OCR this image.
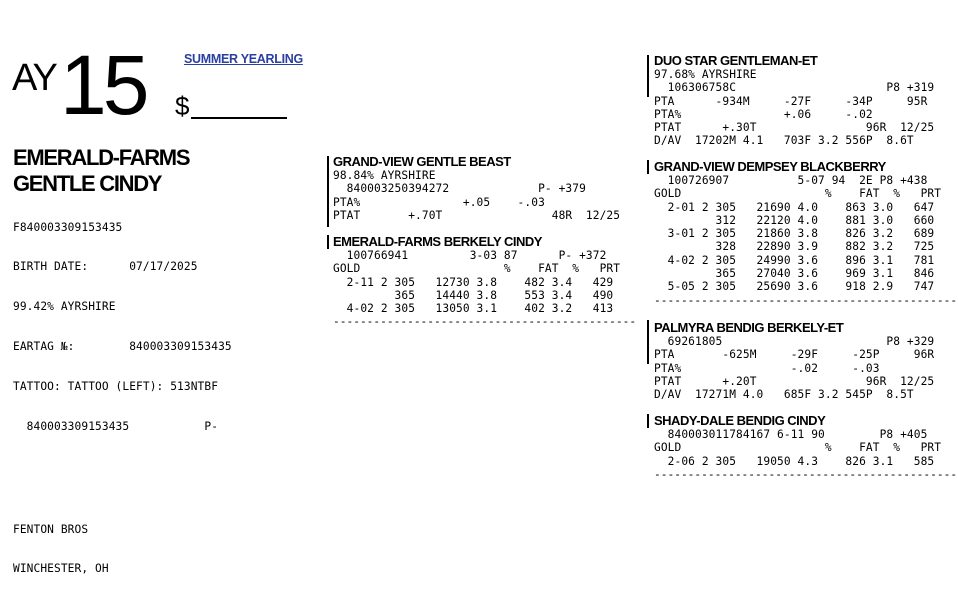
AY 15 $
SUMMER YEARLING
EMERALD-FARMS
GENTLE CINDY

F840003309153435

BIRTH DATE:      07/17/2025

99.42% AYRSHIRE

EARTAG №:        840003309153435

TATTOO: TATTOO (LEFT): 513NTBF

840003309153435           P-

FENTON BROS

WINCHESTER, OH

GRAND-VIEW GENTLE BEAST
98.84% AYRSHIRE
840003250394272             P- +379
PTA%               +.05    -.03
PTAT       +.70T                48R  12/25
EMERALD-FARMS BERKELY CINDY
100766941         3-03 87      P- +372
GOLD                     %    FAT  %   PRT
2-11 2 305   12730 3.8    482 3.4   429
365   14440 3.8    553 3.4   490
4-02 2 305   13050 3.1    402 3.2   413
---------------------------------------------
DUO STAR GENTLEMAN-ET
97.68% AYRSHIRE
106306758C                      P8 +319
PTA      -934M     -27F     -34P     95R
PTA%               +.06     -.02
PTAT      +.30T                96R  12/25
D/AV  17202M 4.1   703F 3.2 556P  8.6T
GRAND-VIEW DEMPSEY BLACKBERRY
100726907          5-07 94  2E P8 +438
GOLD                     %    FAT  %   PRT
2-01 2 305   21690 4.0    863 3.0   647
312   22120 4.0    881 3.0   660
3-01 2 305   21860 3.8    826 3.2   689
328   22890 3.9    882 3.2   725
4-02 2 305   24990 3.6    896 3.1   781
365   27040 3.6    969 3.1   846
5-05 2 305   25690 3.6    918 2.9   747
---------------------------------------------
PALMYRA BENDIG BERKELY-ET
69261805                        P8 +329
PTA       -625M     -29F     -25P     96R
PTA%                -.02     -.03
PTAT      +.20T                96R  12/25
D/AV  17271M 4.0   685F 3.2 545P  8.5T
SHADY-DALE BENDIG CINDY
840003011784167 6-11 90        P8 +405
GOLD                     %    FAT  %   PRT
2-06 2 305   19050 4.3    826 3.1   585
---------------------------------------------
